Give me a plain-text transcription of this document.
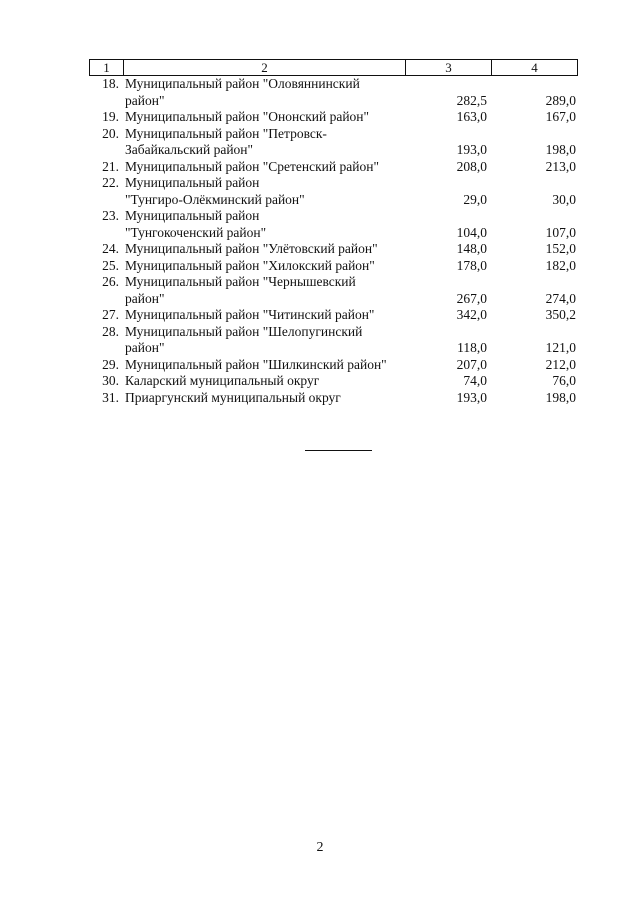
1	2	3	4
18. Муниципальный район "Оловяннинский
район"	282,5	289,0
19. Муниципальный район "Ононский район"	163,0	167,0
20. Муниципальный район "Петровск-
Забайкальский район"	193,0	198,0
21. Муниципальный район "Сретенский район"	208,0	213,0
22. Муниципальный район
"Тунгиро-Олёкминский район"	29,0	30,0
23. Муниципальный район
"Тунгокоченский район"	104,0	107,0
24. Муниципальный район "Улётовский район"	148,0	152,0
25. Муниципальный район "Хилокский район"	178,0	182,0
26. Муниципальный район "Чернышевский
район"	267,0	274,0
27. Муниципальный район "Читинский район"	342,0	350,2
28. Муниципальный район "Шелопугинский
район"	118,0	121,0
29. Муниципальный район "Шилкинский район"	207,0	212,0
30. Каларский муниципальный округ	74,0	76,0
31. Приаргунский муниципальный округ	193,0	198,0
2
